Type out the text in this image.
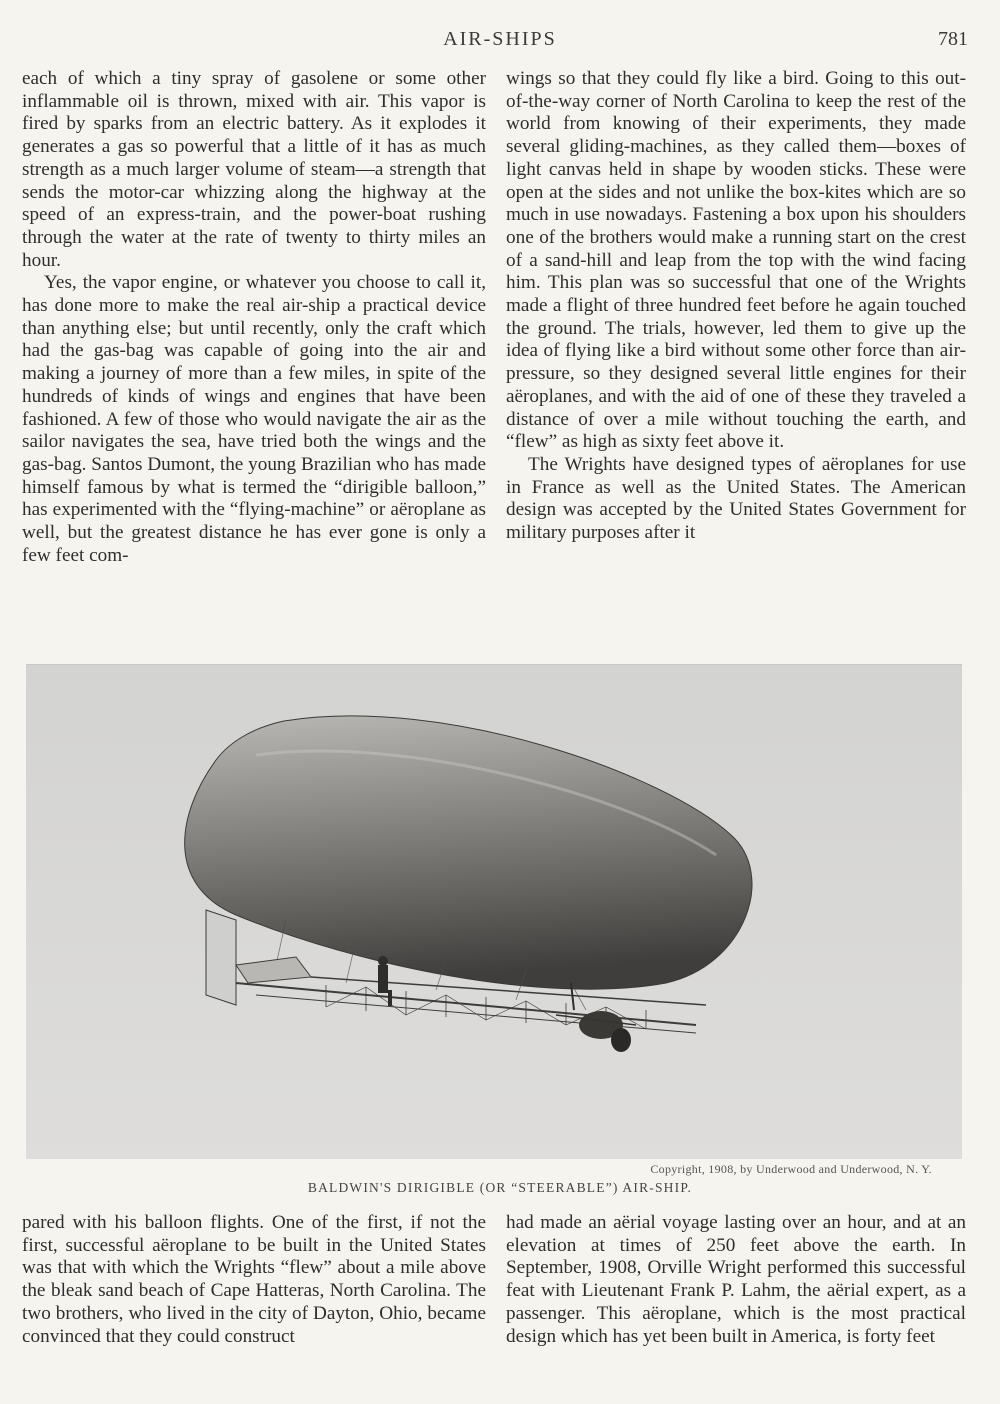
AIR-SHIPS	781

each of which a tiny spray of gasolene or some other inflammable oil is thrown, mixed with air. This vapor is fired by sparks from an electric battery. As it explodes it generates a gas so powerful that a little of it has as much strength as a much larger volume of steam—a strength that sends the motor-car whizzing along the highway at the speed of an express-train, and the power-boat rushing through the water at the rate of twenty to thirty miles an hour.

Yes, the vapor engine, or whatever you choose to call it, has done more to make the real air-ship a practical device than anything else; but until recently, only the craft which had the gas-bag was capable of going into the air and making a journey of more than a few miles, in spite of the hundreds of kinds of wings and engines that have been fashioned. A few of those who would navigate the air as the sailor navigates the sea, have tried both the wings and the gas-bag. Santos Dumont, the young Brazilian who has made himself famous by what is termed the “dirigible balloon,” has experimented with the “flying-machine” or aëroplane as well, but the greatest distance he has ever gone is only a few feet com-

wings so that they could fly like a bird. Going to this out-of-the-way corner of North Carolina to keep the rest of the world from knowing of their experiments, they made several gliding-machines, as they called them—boxes of light canvas held in shape by wooden sticks. These were open at the sides and not unlike the box-kites which are so much in use nowadays. Fastening a box upon his shoulders one of the brothers would make a running start on the crest of a sand-hill and leap from the top with the wind facing him. This plan was so successful that one of the Wrights made a flight of three hundred feet before he again touched the ground. The trials, however, led them to give up the idea of flying like a bird without some other force than air-pressure, so they designed several little engines for their aëroplanes, and with the aid of one of these they traveled a distance of over a mile without touching the earth, and “flew” as high as sixty feet above it.

The Wrights have designed types of aëroplanes for use in France as well as the United States. The American design was accepted by the United States Government for military purposes after it

Copyright, 1908, by Underwood and Underwood, N. Y.
BALDWIN'S DIRIGIBLE (OR “STEERABLE”) AIR-SHIP.

pared with his balloon flights. One of the first, if not the first, successful aëroplane to be built in the United States was that with which the Wrights “flew” about a mile above the bleak sand beach of Cape Hatteras, North Carolina. The two brothers, who lived in the city of Dayton, Ohio, became convinced that they could construct

had made an aërial voyage lasting over an hour, and at an elevation at times of 250 feet above the earth. In September, 1908, Orville Wright performed this successful feat with Lieutenant Frank P. Lahm, the aërial expert, as a passenger. This aëroplane, which is the most practical design which has yet been built in America, is forty feet
